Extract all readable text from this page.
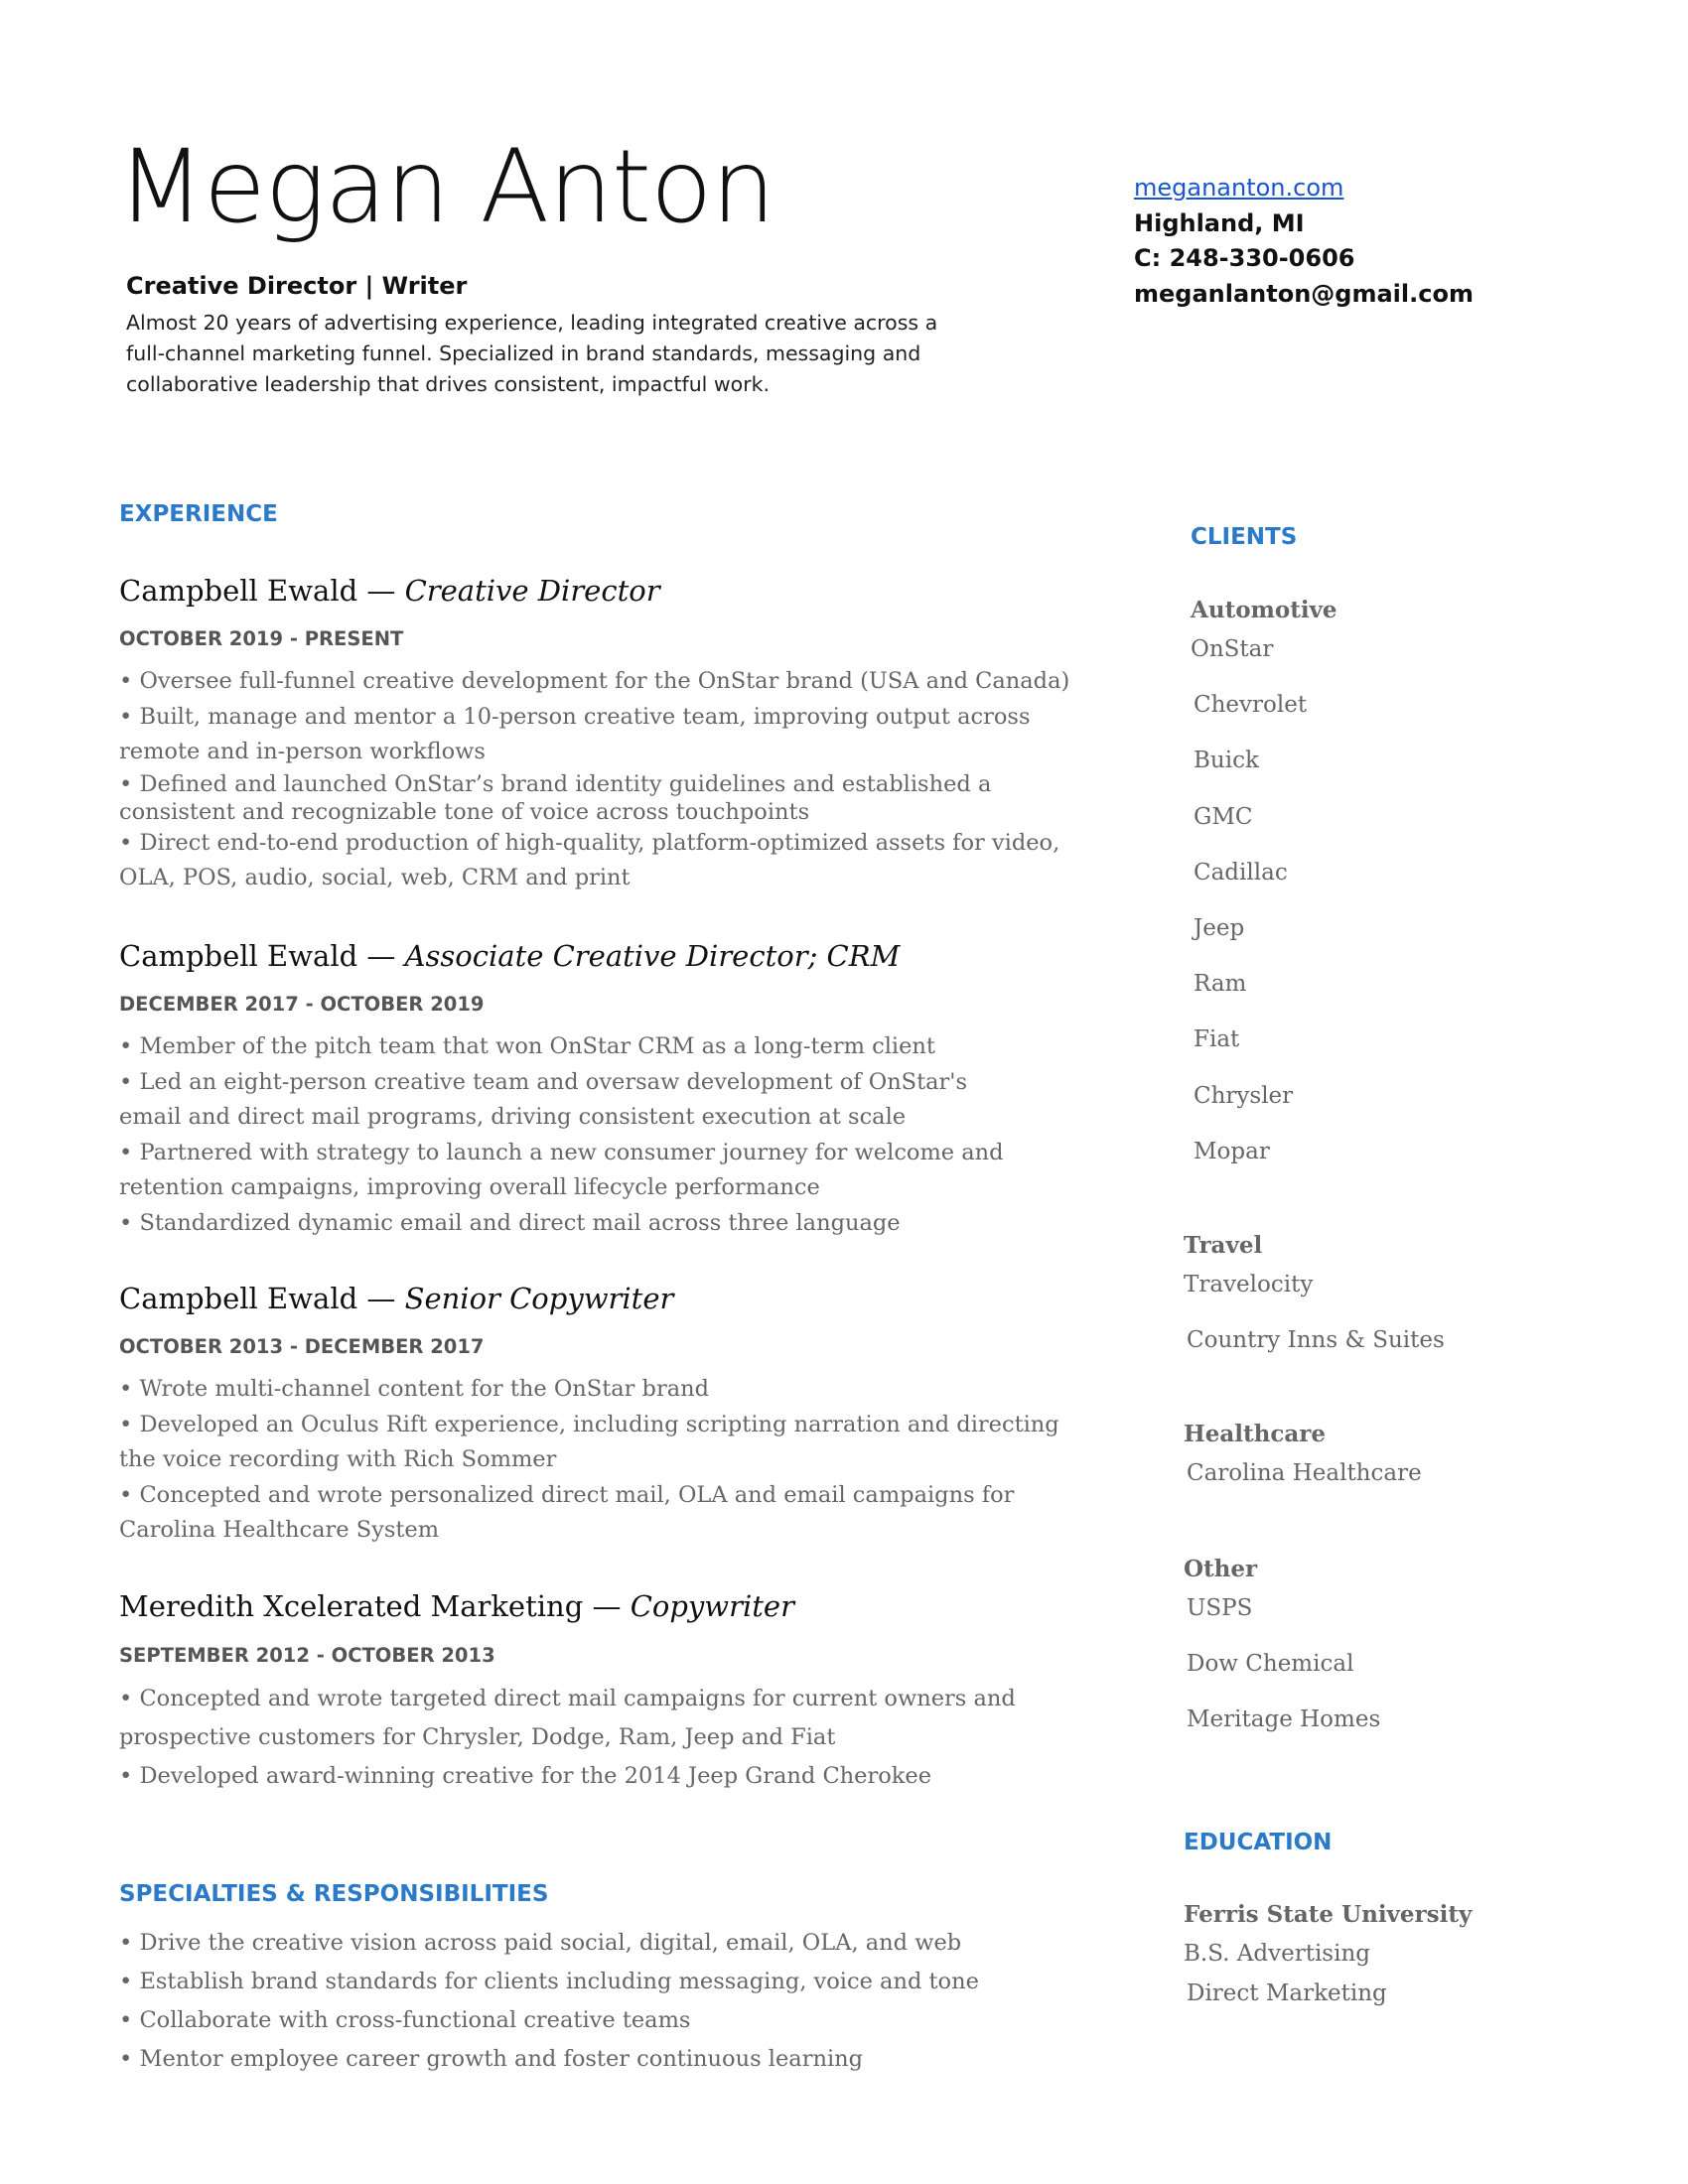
Megan Anton
Creative Director | Writer
Almost 20 years of advertising experience, leading integrated creative across a full-channel marketing funnel. Specialized in brand standards, messaging and collaborative leadership that drives consistent, impactful work.
megananton.com
Highland, MI
C: 248-330-0606
meganlanton@gmail.com
EXPERIENCE
Campbell Ewald — Creative Director
OCTOBER 2019 - PRESENT
• Oversee full-funnel creative development for the OnStar brand (USA and Canada)
• Built, manage and mentor a 10-person creative team, improving output across remote and in-person workflows
• Defined and launched OnStar’s brand identity guidelines and established a consistent and recognizable tone of voice across touchpoints
• Direct end-to-end production of high-quality, platform-optimized assets for video, OLA, POS, audio, social, web, CRM and print
Campbell Ewald — Associate Creative Director; CRM
DECEMBER 2017 - OCTOBER 2019
• Member of the pitch team that won OnStar CRM as a long-term client
• Led an eight-person creative team and oversaw development of OnStar's email and direct mail programs, driving consistent execution at scale
• Partnered with strategy to launch a new consumer journey for welcome and retention campaigns, improving overall lifecycle performance
• Standardized dynamic email and direct mail across three language
Campbell Ewald — Senior Copywriter
OCTOBER 2013 - DECEMBER 2017
• Wrote multi-channel content for the OnStar brand
• Developed an Oculus Rift experience, including scripting narration and directing the voice recording with Rich Sommer
• Concepted and wrote personalized direct mail, OLA and email campaigns for Carolina Healthcare System
Meredith Xcelerated Marketing — Copywriter
SEPTEMBER 2012 - OCTOBER 2013
• Concepted and wrote targeted direct mail campaigns for current owners and prospective customers for Chrysler, Dodge, Ram, Jeep and Fiat
• Developed award-winning creative for the 2014 Jeep Grand Cherokee
SPECIALTIES & RESPONSIBILITIES
• Drive the creative vision across paid social, digital, email, OLA, and web
• Establish brand standards for clients including messaging, voice and tone
• Collaborate with cross-functional creative teams
• Mentor employee career growth and foster continuous learning
CLIENTS
Automotive
OnStar
Chevrolet
Buick
GMC
Cadillac
Jeep
Ram
Fiat
Chrysler
Mopar
Travel
Travelocity
Country Inns & Suites
Healthcare
Carolina Healthcare
Other
USPS
Dow Chemical
Meritage Homes
EDUCATION
Ferris State University
B.S. Advertising
Direct Marketing
